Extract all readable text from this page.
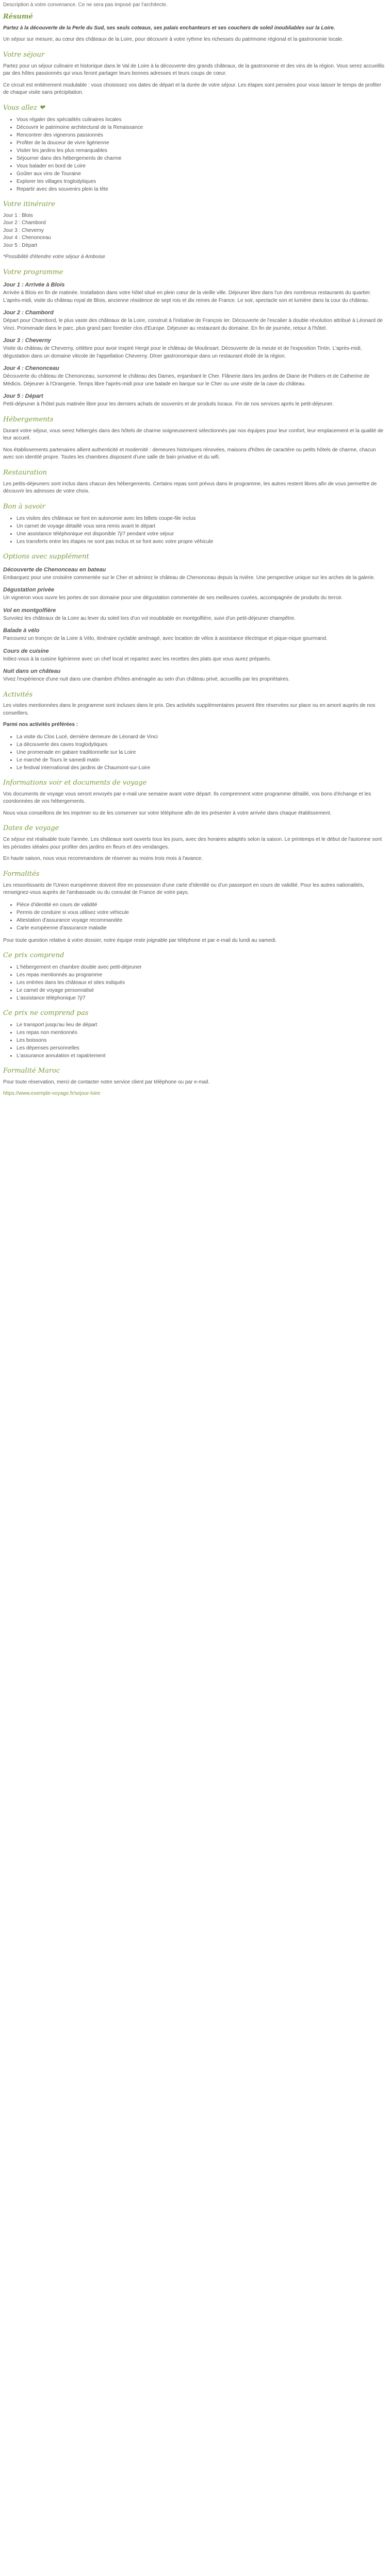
Description à votre convenance. Ce ne sera pas imposé par l'architecte.
Résumé

Partez à la découverte de la Perle du Sud, ses seuls coteaux, ses palais enchanteurs et ses couchers de soleil inoubliables sur la Loire.

Un séjour sur mesure, au cœur des châteaux de la Loire, pour découvrir à votre rythme les richesses du patrimoine régional et la gastronomie locale.

Votre séjour

Partez pour un séjour culinaire et historique dans le Val de Loire à la découverte des grands châteaux, de la gastronomie et des vins de la région. Vous serez accueillis par des hôtes passionnés qui vous feront partager leurs bonnes adresses et leurs coups de cœur.

Ce circuit est entièrement modulable : vous choisissez vos dates de départ et la durée de votre séjour. Les étapes sont pensées pour vous laisser le temps de profiter de chaque visite sans précipitation.

Vous allez ❤
• Vous régaler des spécialités culinaires locales
• Découvrir le patrimoine architectural de la Renaissance
• Rencontrer des vignerons passionnés
• Profiter de la douceur de vivre ligérienne
• Visiter les jardins les plus remarquables
• Séjourner dans des hébergements de charme
• Vous balader en bord de Loire
• Goûter aux vins de Touraine
• Explorer les villages troglodytiques
• Repartir avec des souvenirs plein la tête
Votre itinéraire
Jour 1 : Blois
Jour 2 : Chambord
Jour 3 : Cheverny
Jour 4 : Chenonceau
Jour 5 : Départ

*Possibilité d'étendre votre séjour à Amboise

Votre programme
Jour 1 : Arrivée à Blois

Arrivée à Blois en fin de matinée. Installation dans votre hôtel situé en plein cœur de la vieille ville. Déjeuner libre dans l'un des nombreux restaurants du quartier. L'après-midi, visite du château royal de Blois, ancienne résidence de sept rois et dix reines de France. Le soir, spectacle son et lumière dans la cour du château.

Jour 2 : Chambord

Départ pour Chambord, le plus vaste des châteaux de la Loire, construit à l'initiative de François Ier. Découverte de l'escalier à double révolution attribué à Léonard de Vinci. Promenade dans le parc, plus grand parc forestier clos d'Europe. Déjeuner au restaurant du domaine. En fin de journée, retour à l'hôtel.

Jour 3 : Cheverny

Visite du château de Cheverny, célèbre pour avoir inspiré Hergé pour le château de Moulinsart. Découverte de la meute et de l'exposition Tintin. L'après-midi, dégustation dans un domaine viticole de l'appellation Cheverny. Dîner gastronomique dans un restaurant étoilé de la région.

Jour 4 : Chenonceau

Découverte du château de Chenonceau, surnommé le château des Dames, enjambant le Cher. Flânerie dans les jardins de Diane de Poitiers et de Catherine de Médicis. Déjeuner à l'Orangerie. Temps libre l'après-midi pour une balade en barque sur le Cher ou une visite de la cave du château.

Jour 5 : Départ

Petit-déjeuner à l'hôtel puis matinée libre pour les derniers achats de souvenirs et de produits locaux. Fin de nos services après le petit-déjeuner.

Hébergements

Durant votre séjour, vous serez hébergés dans des hôtels de charme soigneusement sélectionnés par nos équipes pour leur confort, leur emplacement et la qualité de leur accueil.

Nos établissements partenaires allient authenticité et modernité : demeures historiques rénovées, maisons d'hôtes de caractère ou petits hôtels de charme, chacun avec son identité propre. Toutes les chambres disposent d'une salle de bain privative et du wifi.

Restauration

Les petits-déjeuners sont inclus dans chacun des hébergements. Certains repas sont prévus dans le programme, les autres restent libres afin de vous permettre de découvrir les adresses de votre choix.

Bon à savoir
• Les visites des châteaux se font en autonomie avec les billets coupe-file inclus
• Un carnet de voyage détaillé vous sera remis avant le départ
• Une assistance téléphonique est disponible 7j/7 pendant votre séjour
• Les transferts entre les étapes ne sont pas inclus et se font avec votre propre véhicule
Options avec supplément
Découverte de Chenonceau en bateau

Embarquez pour une croisière commentée sur le Cher et admirez le château de Chenonceau depuis la rivière. Une perspective unique sur les arches de la galerie.

Dégustation privée

Un vigneron vous ouvre les portes de son domaine pour une dégustation commentée de ses meilleures cuvées, accompagnée de produits du terroir.

Vol en montgolfière

Survolez les châteaux de la Loire au lever du soleil lors d'un vol inoubliable en montgolfière, suivi d'un petit-déjeuner champêtre.

Balade à vélo

Parcourez un tronçon de la Loire à Vélo, itinéraire cyclable aménagé, avec location de vélos à assistance électrique et pique-nique gourmand.

Cours de cuisine

Initiez-vous à la cuisine ligérienne avec un chef local et repartez avec les recettes des plats que vous aurez préparés.

Nuit dans un château

Vivez l'expérience d'une nuit dans une chambre d'hôtes aménagée au sein d'un château privé, accueillis par les propriétaires.

Activités

Les visites mentionnées dans le programme sont incluses dans le prix. Des activités supplémentaires peuvent être réservées sur place ou en amont auprès de nos conseillers.

Parmi nos activités préférées :

• La visite du Clos Lucé, dernière demeure de Léonard de Vinci
• La découverte des caves troglodytiques
• Une promenade en gabare traditionnelle sur la Loire
• Le marché de Tours le samedi matin
• Le festival international des jardins de Chaumont-sur-Loire
Informations voir et documents de voyage

Vos documents de voyage vous seront envoyés par e-mail une semaine avant votre départ. Ils comprennent votre programme détaillé, vos bons d'échange et les coordonnées de vos hébergements.

Nous vous conseillons de les imprimer ou de les conserver sur votre téléphone afin de les présenter à votre arrivée dans chaque établissement.

Dates de voyage

Ce séjour est réalisable toute l'année. Les châteaux sont ouverts tous les jours, avec des horaires adaptés selon la saison. Le printemps et le début de l'automne sont les périodes idéales pour profiter des jardins en fleurs et des vendanges.

En haute saison, nous vous recommandons de réserver au moins trois mois à l'avance.

Formalités

Les ressortissants de l'Union européenne doivent être en possession d'une carte d'identité ou d'un passeport en cours de validité. Pour les autres nationalités, renseignez-vous auprès de l'ambassade ou du consulat de France de votre pays.

• Pièce d'identité en cours de validité
• Permis de conduire si vous utilisez votre véhicule
• Attestation d'assurance voyage recommandée
• Carte européenne d'assurance maladie

Pour toute question relative à votre dossier, notre équipe reste joignable par téléphone et par e-mail du lundi au samedi.

Ce prix comprend
• L'hébergement en chambre double avec petit-déjeuner
• Les repas mentionnés au programme
• Les entrées dans les châteaux et sites indiqués
• Le carnet de voyage personnalisé
• L'assistance téléphonique 7j/7
Ce prix ne comprend pas
• Le transport jusqu'au lieu de départ
• Les repas non mentionnés
• Les boissons
• Les dépenses personnelles
• L'assurance annulation et rapatriement
Formalité Maroc

Pour toute réservation, merci de contacter notre service client par téléphone ou par e-mail.

https://www.exemple-voyage.fr/sejour-loire
